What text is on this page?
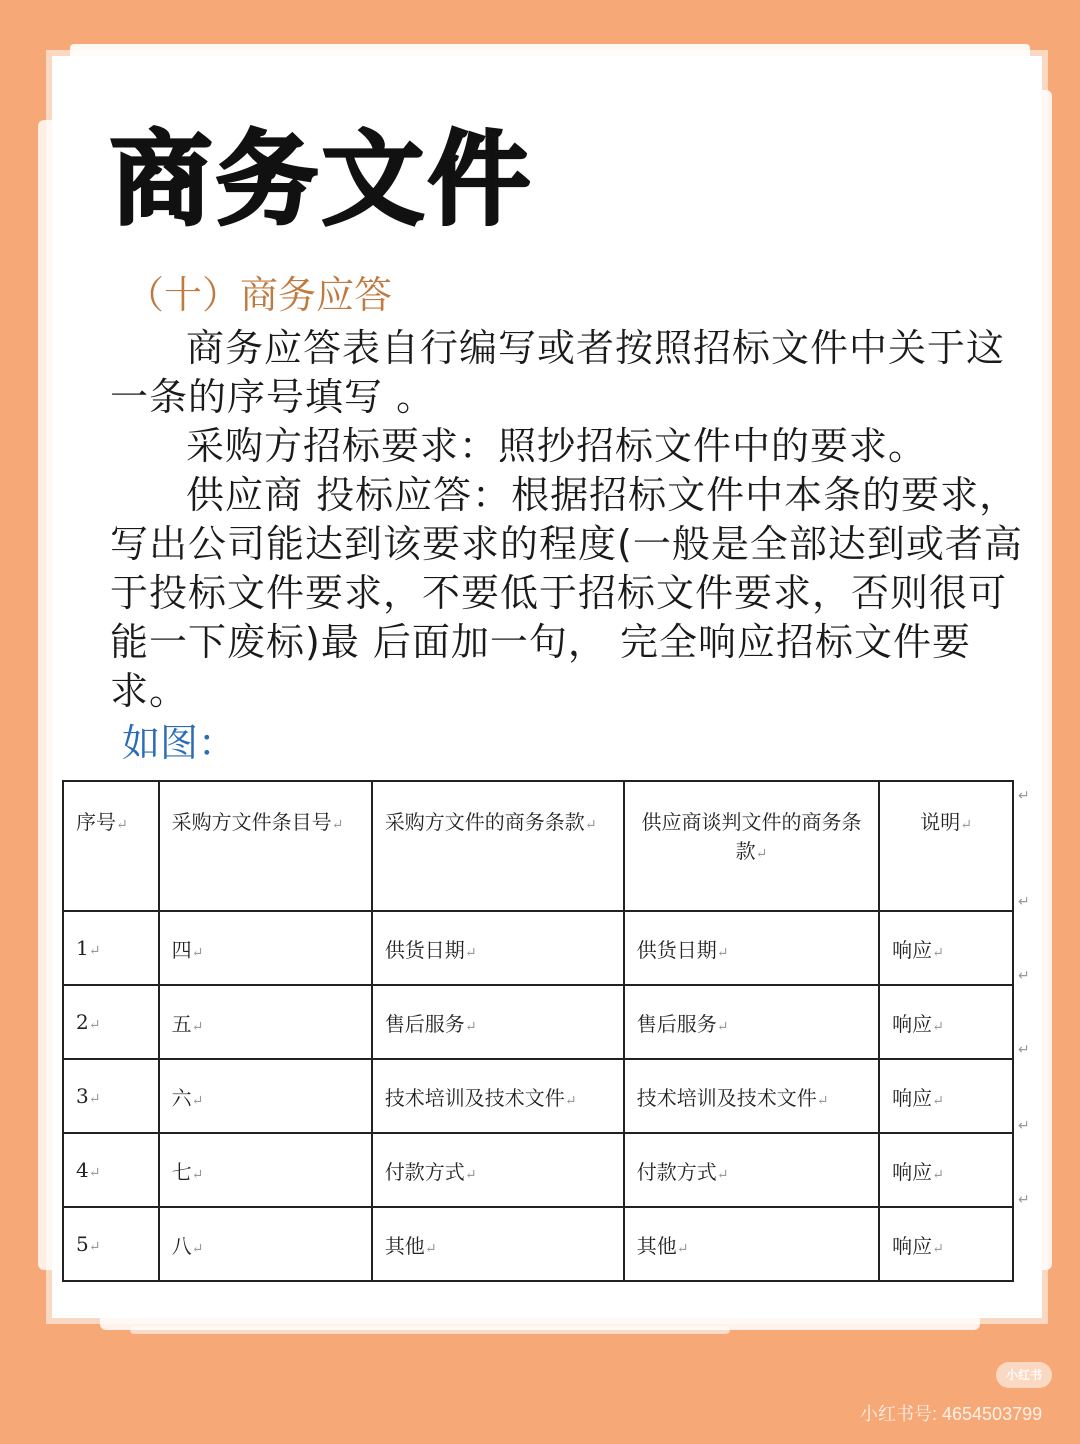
商务文件
（十）商务应答

商务应答表自行编写或者按照招标文件中关于这一条的序号填写 。

采购方招标要求：照抄招标文件中的要求。

供应商 投标应答：根据招标文件中本条的要求，写出公司能达到该要求的程度(一般是全部达到或者高于投标文件要求，不要低于招标文件要求，否则很可能一下废标)最 后面加一句， 完全响应招标文件要求。

如图：
序号↵	采购方文件条目号↵	采购方文件的商务条款↵	供应商谈判文件的商务条款↵	说明↵
1↵	四↵	供货日期↵	供货日期↵	响应↵
2↵	五↵	售后服务↵	售后服务↵	响应↵
3↵	六↵	技术培训及技术文件↵	技术培训及技术文件↵	响应↵
4↵	七↵	付款方式↵	付款方式↵	响应↵
5↵	八↵	其他↵	其他↵	响应↵
↵
↵
↵
↵
↵
↵
小红书
小红书号: 4654503799
